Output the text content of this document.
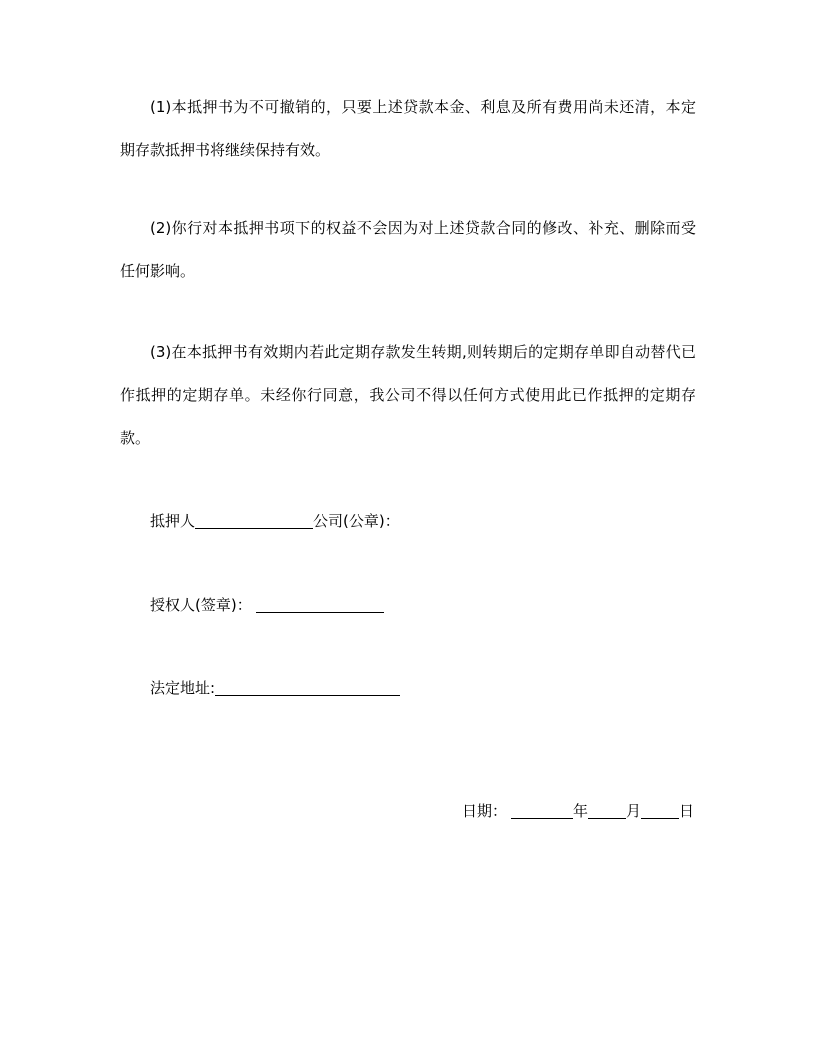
(1)本抵押书为不可撤销的，只要上述贷款本金、利息及所有费用尚未还清，本定期存款抵押书将继续保持有效。

(2)你行对本抵押书项下的权益不会因为对上述贷款合同的修改、补充、删除而受任何影响。

(3)在本抵押书有效期内若此定期存款发生转期,则转期后的定期存单即自动替代已作抵押的定期存单。未经你行同意，我公司不得以任何方式使用此已作抵押的定期存款。

抵押人	公司(公章)：
授权人(签章)：
法定地址:
日期：	年	月	日
